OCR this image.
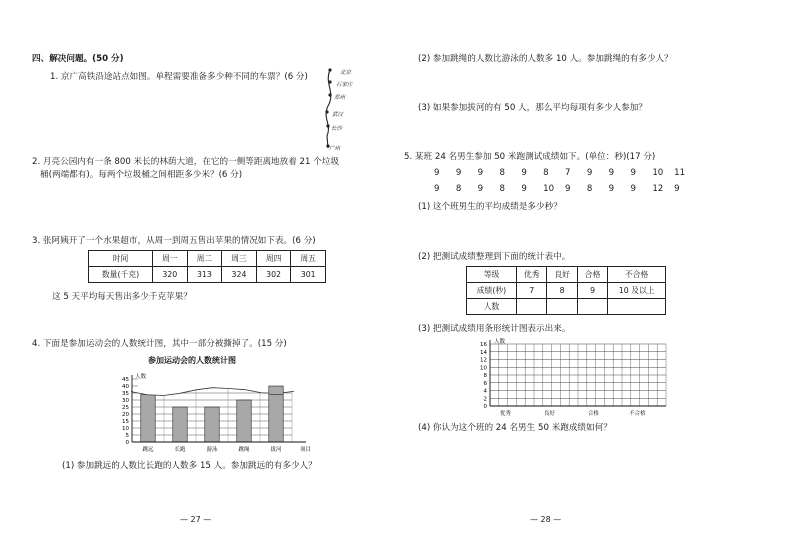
四、解决问题。(50 分)
1. 京广高铁沿途站点如图。单程需要准备多少种不同的车票？(6 分)	北京
石家庄
郑州
武汉
长沙
广州
2. 月亮公园内有一条 800 米长的林荫大道，在它的一侧等距离地放着 21 个垃圾
桶(两端都有)。每两个垃圾桶之间相距多少米？(6 分)
3. 张阿姨开了一个水果超市，从周一到周五售出苹果的情况如下表。(6 分)
时间	周一	周二	周三	周四	周五
数量(千克)	320	313	324	302	301
这 5 天平均每天售出多少千克苹果？
4. 下面是参加运动会的人数统计图，其中一部分被撕掉了。(15 分)
参加运动会的人数统计图
0
5
10
15
20
25
30
35
40
45
跳远	长跑	游泳	跳绳	拔河
人数
项目
(1) 参加跳远的人数比长跑的人数多 15 人。参加跳远的有多少人？
— 27 —
(2) 参加跳绳的人数比游泳的人数多 10 人。参加跳绳的有多少人？
(3) 如果参加拔河的有 50 人，那么平均每项有多少人参加？
5. 某班 24 名男生参加 50 米跑测试成绩如下。(单位：秒)(17 分)
9 9 9 8 9 8 7 9 9 9 10 11
9 8 9 8 9 10 9 8 9 9 12 9
(1) 这个班男生的平均成绩是多少秒？
(2) 把测试成绩整理到下面的统计表中。
等级	优秀	良好	合格	不合格
成绩(秒)	7	8	9	10 及以上
人数				
(3) 把测试成绩用条形统计图表示出来。
0
2
4
6
8
10
12
14
16
优秀	良好	合格	不合格
人数
(4) 你认为这个班的 24 名男生 50 米跑成绩如何？
— 28 —
